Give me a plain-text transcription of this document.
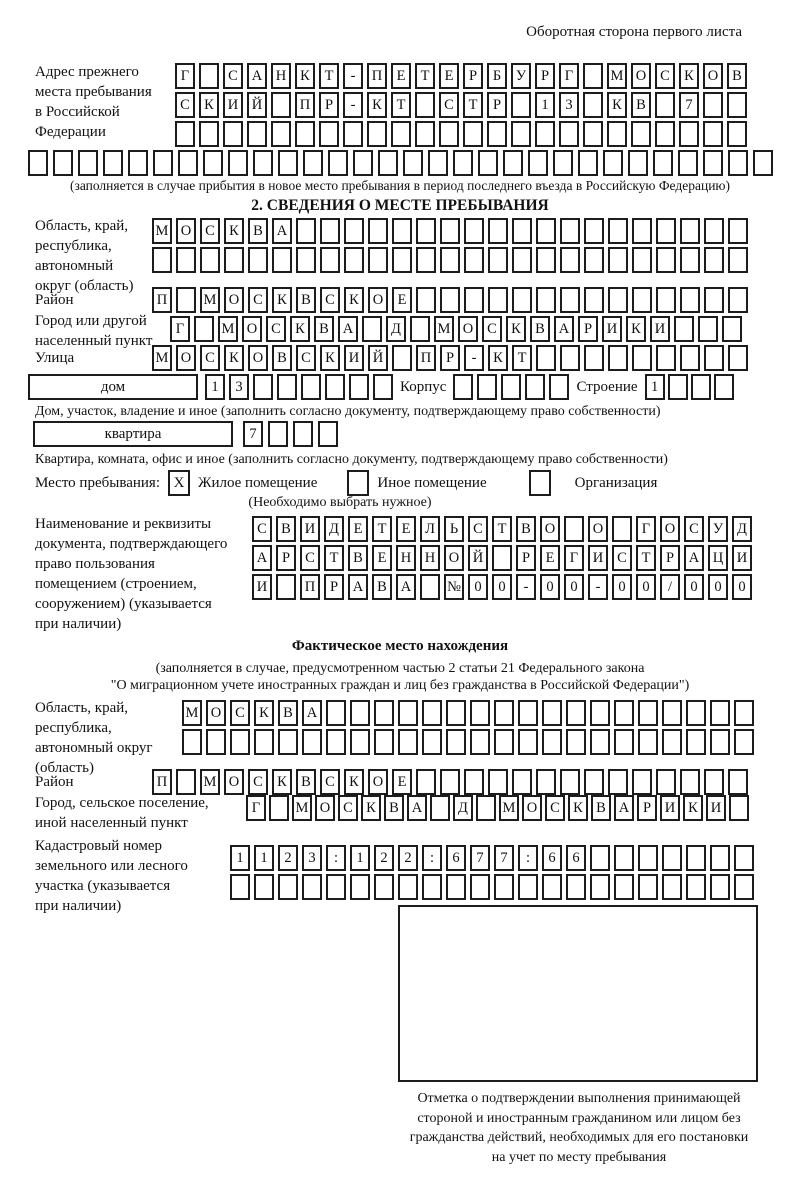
Оборотная сторона первого листа
Адрес прежнего
места пребывания
в Российской
Федерации
Г	С А Н К	Т	-	П Е	Т	Е	Р	Б	У	Р	Г	М О С К О В
С К И Й	П	Р	-	К	Т	С	Т	Р	1	3	К В	7
(заполняется в случае прибытия в новое место пребывания в период последнего въезда в Российскую Федерацию)
2. СВЕДЕНИЯ О МЕСТЕ ПРЕБЫВАНИЯ
Область, край,
республика,
автономный
округ (область)
М О С К В А
Район	П	М О С К В С К О Е
Город или другой
населенный пункт
Г	М О С К В А	Д	М О С К В А	Р	И К И
Улица	М О С К О В С К И Й	П	Р	-	К	Т
дом	1	3	Корпус	Строение 1
Дом, участок, владение и иное (заполнить согласно документу, подтверждающему право собственности)
квартира	7
Квартира, комната, офис и иное (заполнить согласно документу, подтверждающему право собственности)
Место пребывания: Х Жилое помещение	Иное помещение	Организация
(Необходимо выбрать нужное)
Наименование и реквизиты
документа, подтверждающего
право пользования
помещением (строением,
сооружением) (указывается
при наличии)
С В И Д	Е	Т	Е	Л	Ь	С	Т	В О	О	Г	О С У Д
А	Р	С	Т	В	Е Н Н О Й	Р	Е	Г	И С	Т	Р	А Ц И
И	П	Р	А В А	№ 0	0	-	0	0	-	0	0	/	0	0	0
Фактическое место нахождения
(заполняется в случае, предусмотренном частью 2 статьи 21 Федерального закона
"О миграционном учете иностранных граждан и лиц без гражданства в Российской Федерации")
Область, край,
республика,
автономный округ
(область)
М О С К В А
Район	П	М О С К В С К О Е
Город, сельское поселение,
иной населенный пункт
Г	М О С К В А	Д	М О С К В А Р И К И
Кадастровый номер
земельного или лесного
участка (указывается
при наличии)
1	1	2	3	:	1	2	2	:	6	7	7	:	6	6
Отметка о подтверждении выполнения принимающей
стороной и иностранным гражданином или лицом без
гражданства действий, необходимых для его постановки
на учет по месту пребывания
